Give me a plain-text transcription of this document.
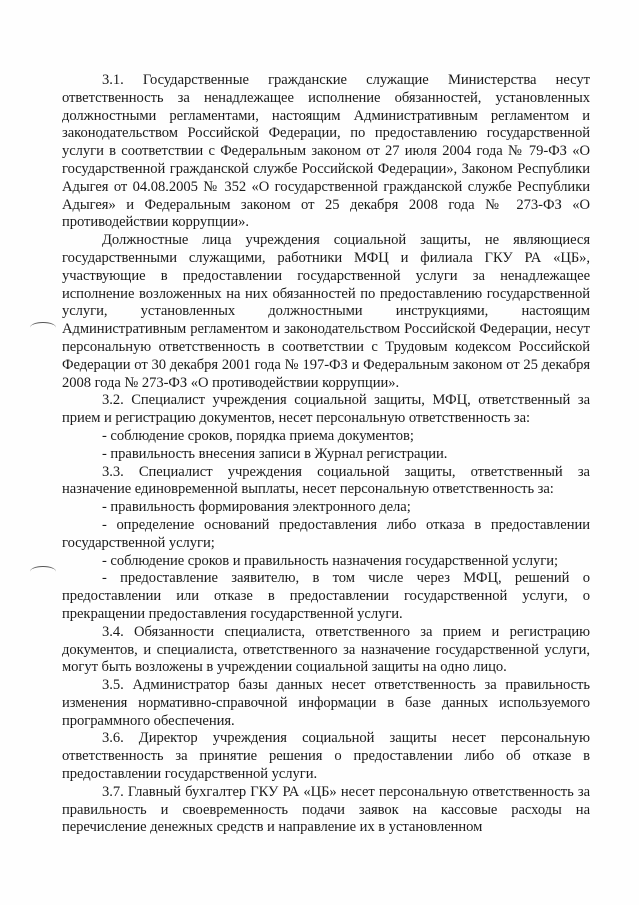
3.1. Государственные гражданские служащие Министерства несут ответственность за ненадлежащее исполнение обязанностей, установленных должностными регламентами, настоящим Административным регламентом и законодательством Российской Федерации, по предоставлению государственной услуги в соответствии с Федеральным законом от 27 июля 2004 года № 79-ФЗ «О государственной гражданской службе Российской Федерации», Законом Республики Адыгея от 04.08.2005 № 352 «О государственной гражданской службе Республики Адыгея» и Федеральным законом от 25 декабря 2008 года № 273-ФЗ «О противодействии коррупции».

Должностные лица учреждения социальной защиты, не являющиеся государственными служащими, работники МФЦ и филиала ГКУ РА «ЦБ», участвующие в предоставлении государственной услуги за ненадлежащее исполнение возложенных на них обязанностей по предоставлению государственной услуги, установленных должностными инструкциями, настоящим Административным регламентом и законодательством Российской Федерации, несут персональную ответственность в соответствии с Трудовым кодексом Российской Федерации от 30 декабря 2001 года № 197-ФЗ и Федеральным законом от 25 декабря 2008 года № 273-ФЗ «О противодействии коррупции».

3.2. Специалист учреждения социальной защиты, МФЦ, ответственный за прием и регистрацию документов, несет персональную ответственность за:

- соблюдение сроков, порядка приема документов;

- правильность внесения записи в Журнал регистрации.

3.3. Специалист учреждения социальной защиты, ответственный за назначение единовременной выплаты, несет персональную ответственность за:

- правильность формирования электронного дела;

- определение оснований предоставления либо отказа в предоставлении государственной услуги;

- соблюдение сроков и правильность назначения государственной услуги;

- предоставление заявителю, в том числе через МФЦ, решений о предоставлении или отказе в предоставлении государственной услуги, о прекращении предоставления государственной услуги.

3.4. Обязанности специалиста, ответственного за прием и регистрацию документов, и специалиста, ответственного за назначение государственной услуги, могут быть возложены в учреждении социальной защиты на одно лицо.

3.5. Администратор базы данных несет ответственность за правильность изменения нормативно-справочной информации в базе данных используемого программного обеспечения.

3.6. Директор учреждения социальной защиты несет персональную ответственность за принятие решения о предоставлении либо об отказе в предоставлении государственной услуги.

3.7. Главный бухгалтер ГКУ РА «ЦБ» несет персональную ответственность за правильность и своевременность подачи заявок на кассовые расходы на перечисление денежных средств и направление их в установленном
